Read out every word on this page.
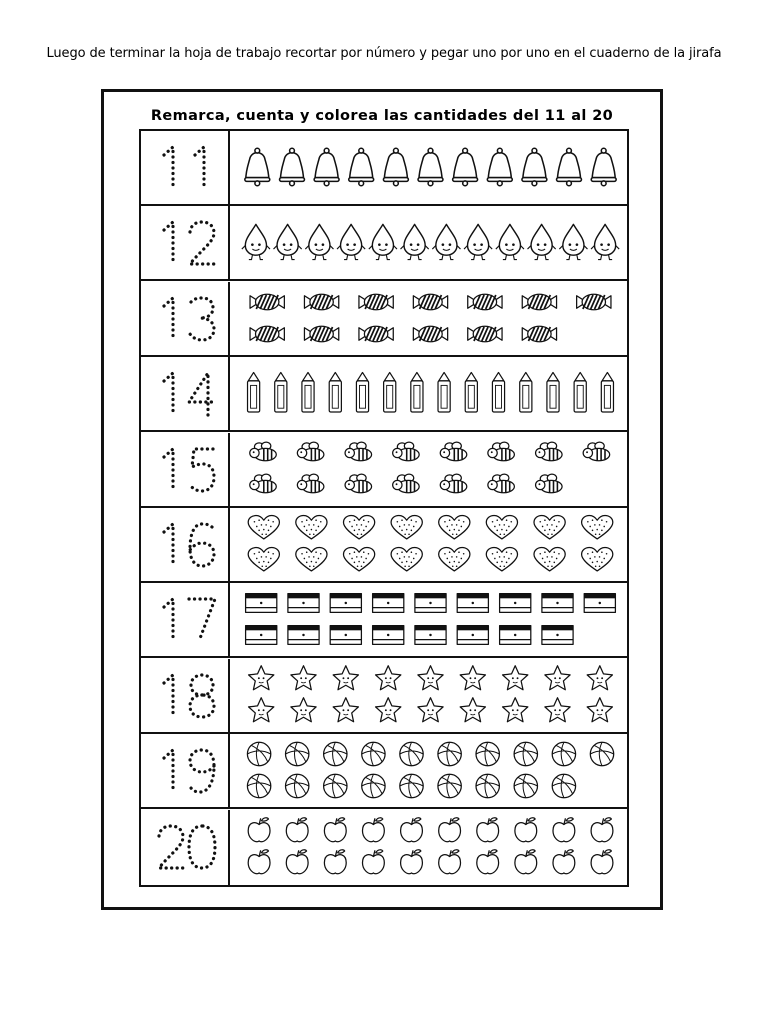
Luego de terminar la hoja de trabajo recortar por número y pegar uno por uno en el cuaderno de la jirafa
Remarca, cuenta y colorea las cantidades del 11 al 20
11
12
13
14
15
16
17
18
19
20
